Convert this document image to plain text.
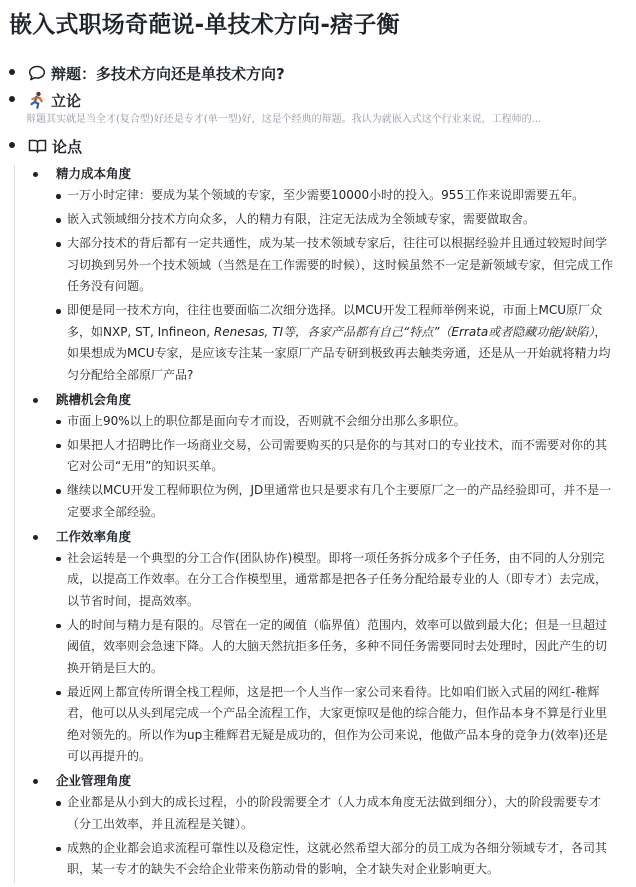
嵌入式职场奇葩说-单技术方向-痞子衡
辩题：多技术方向还是单技术方向?
立论
辩题其实就是当全才(复合型)好还是专才(单一型)好，这是个经典的辩题。我认为就嵌入式这个行业来说，工程师的...
论点
精力成本角度
一万小时定律：要成为某个领域的专家，至少需要10000小时的投入。955工作来说即需要五年。
嵌入式领域细分技术方向众多，人的精力有限，注定无法成为全领域专家，需要做取舍。
大部分技术的背后都有一定共通性，成为某一技术领域专家后，往往可以根据经验并且通过较短时间学习切换到另外一个技术领域（当然是在工作需要的时候），这时候虽然不一定是新领域专家，但完成工作任务没有问题。
即便是同一技术方向，往往也要面临二次细分选择。以MCU开发工程师举例来说，市面上MCU原厂众多，如NXP, ST, Infineon, Renesas, TI等，各家产品都有自己“特点”（Errata或者隐藏功能/缺陷），如果想成为MCU专家，是应该专注某一家原厂产品专研到极致再去触类旁通，还是从一开始就将精力均匀分配给全部原厂产品?
跳槽机会角度
市面上90%以上的职位都是面向专才而设，否则就不会细分出那么多职位。
如果把人才招聘比作一场商业交易，公司需要购买的只是你的与其对口的专业技术，而不需要对你的其它对公司“无用”的知识买单。
继续以MCU开发工程师职位为例，JD里通常也只是要求有几个主要原厂之一的产品经验即可，并不是一定要求全部经验。
工作效率角度
社会运转是一个典型的分工合作(团队协作)模型。即将一项任务拆分成多个子任务，由不同的人分别完成，以提高工作效率。在分工合作模型里，通常都是把各子任务分配给最专业的人（即专才）去完成，以节省时间，提高效率。
人的时间与精力是有限的。尽管在一定的阈值（临界值）范围内，效率可以做到最大化；但是一旦超过阈值，效率则会急速下降。人的大脑天然抗拒多任务，多种不同任务需要同时去处理时，因此产生的切换开销是巨大的。
最近网上都宣传所谓全栈工程师，这是把一个人当作一家公司来看待。比如咱们嵌入式届的网红-稚辉君，他可以从头到尾完成一个产品全流程工作，大家更惊叹是他的综合能力，但作品本身不算是行业里绝对领先的。所以作为up主稚辉君无疑是成功的，但作为公司来说，他做产品本身的竞争力(效率)还是可以再提升的。
企业管理角度
企业都是从小到大的成长过程，小的阶段需要全才（人力成本角度无法做到细分），大的阶段需要专才（分工出效率，并且流程是关键）。
成熟的企业都会追求流程可靠性以及稳定性，这就必然希望大部分的员工成为各细分领域专才，各司其职，某一专才的缺失不会给企业带来伤筋动骨的影响，全才缺失对企业影响更大。
